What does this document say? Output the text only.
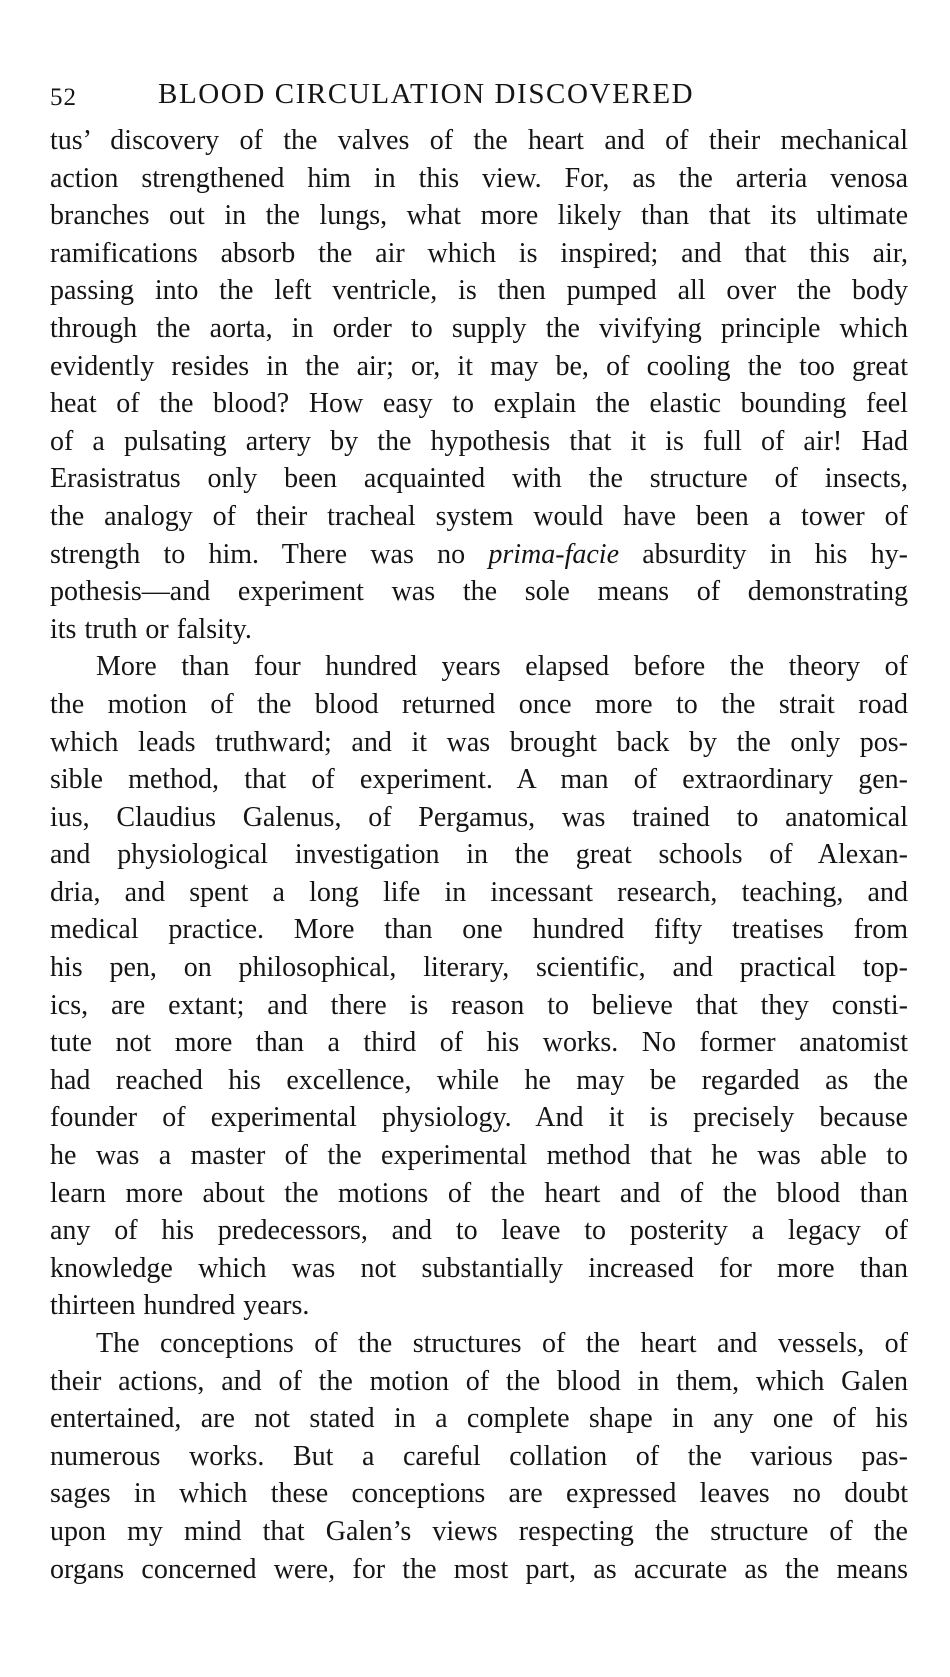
52	BLOOD CIRCULATION DISCOVERED
tus’ discovery of the valves of the heart and of their mechanical
action strengthened him in this view. For, as the arteria venosa
branches out in the lungs, what more likely than that its ultimate
ramifications absorb the air which is inspired; and that this air,
passing into the left ventricle, is then pumped all over the body
through the aorta, in order to supply the vivifying principle which
evidently resides in the air; or, it may be, of cooling the too great
heat of the blood? How easy to explain the elastic bounding feel
of a pulsating artery by the hypothesis that it is full of air! Had
Erasistratus only been acquainted with the structure of insects,
the analogy of their tracheal system would have been a tower of
strength to him. There was no prima-facie absurdity in his hy-
pothesis—and experiment was the sole means of demonstrating
its truth or falsity.
More than four hundred years elapsed before the theory of
the motion of the blood returned once more to the strait road
which leads truthward; and it was brought back by the only pos-
sible method, that of experiment. A man of extraordinary gen-
ius, Claudius Galenus, of Pergamus, was trained to anatomical
and physiological investigation in the great schools of Alexan-
dria, and spent a long life in incessant research, teaching, and
medical practice. More than one hundred fifty treatises from
his pen, on philosophical, literary, scientific, and practical top-
ics, are extant; and there is reason to believe that they consti-
tute not more than a third of his works. No former anatomist
had reached his excellence, while he may be regarded as the
founder of experimental physiology. And it is precisely because
he was a master of the experimental method that he was able to
learn more about the motions of the heart and of the blood than
any of his predecessors, and to leave to posterity a legacy of
knowledge which was not substantially increased for more than
thirteen hundred years.
The conceptions of the structures of the heart and vessels, of
their actions, and of the motion of the blood in them, which Galen
entertained, are not stated in a complete shape in any one of his
numerous works. But a careful collation of the various pas-
sages in which these conceptions are expressed leaves no doubt
upon my mind that Galen’s views respecting the structure of the
organs concerned were, for the most part, as accurate as the means
